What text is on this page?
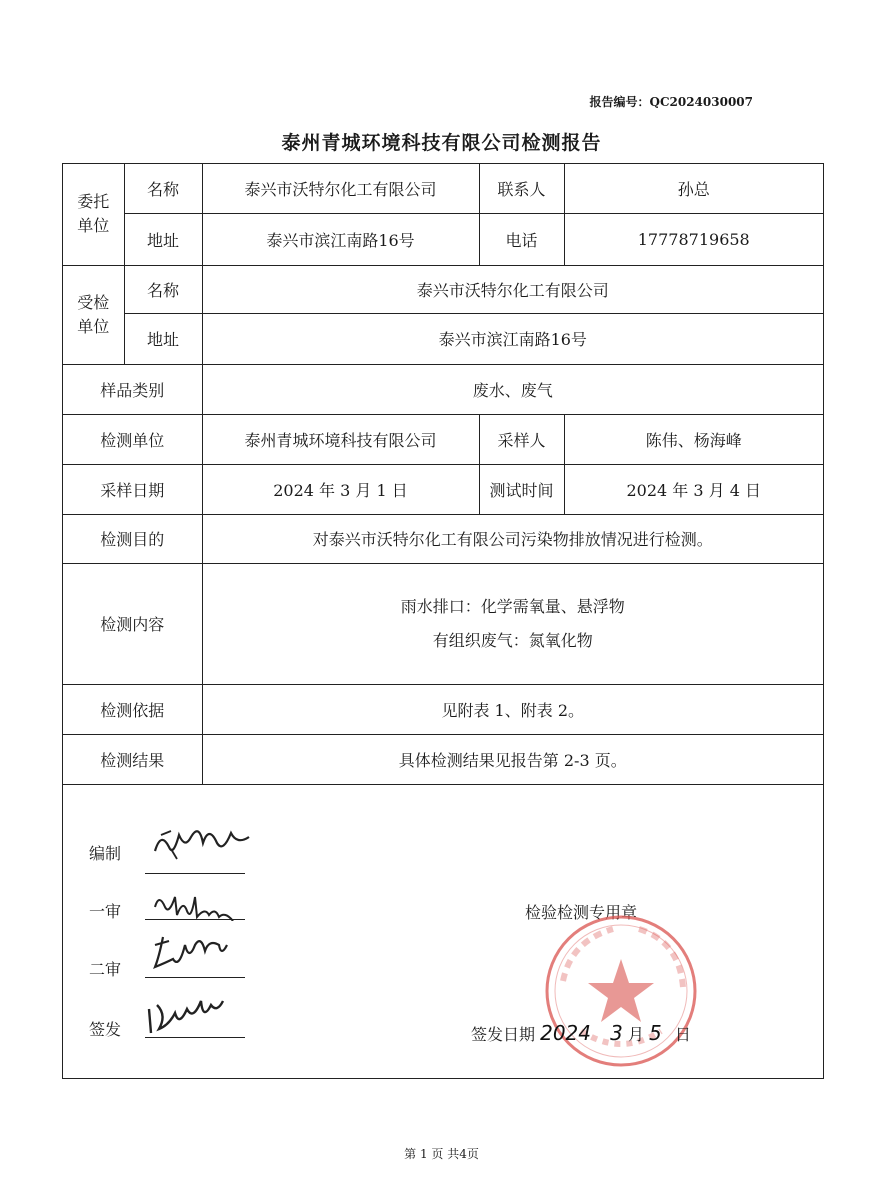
报告编号：QC2024030007
泰州青城环境科技有限公司检测报告
委托单位	名称	泰兴市沃特尔化工有限公司	联系人	孙总
	地址	泰兴市滨江南路16号	电话	17778719658
受检单位	名称	泰兴市沃特尔化工有限公司		
	地址	泰兴市滨江南路16号		
样品类别		废水、废气		
检测单位		泰州青城环境科技有限公司	采样人	陈伟、杨海峰
采样日期		2024 年 3 月 1 日	测试时间	2024 年 3 月 4 日
检测目的		对泰兴市沃特尔化工有限公司污染物排放情况进行检测。		
检测内容		雨水排口：化学需氧量、悬浮物
有组织废气：氮氧化物		

检测依据		见附表 1、附表 2。		
检测结果		具体检测结果见报告第 2-3 页。		
编制
一审
二审
签发
检验检测专用章
签发日期 2024 3 月 5 日
第 1 页 共4页
